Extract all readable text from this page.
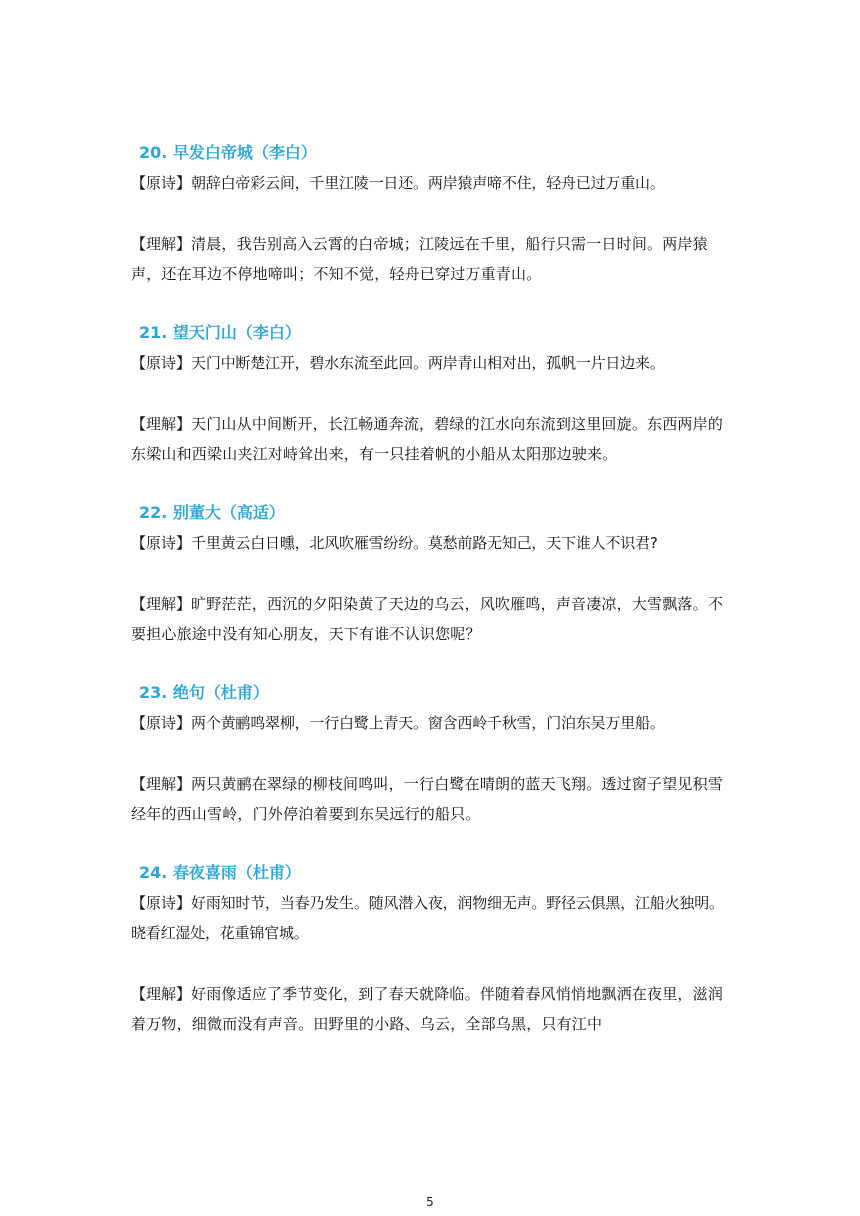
20. 早发白帝城（李白）

【原诗】朝辞白帝彩云间，千里江陵一日还。两岸猿声啼不住，轻舟已过万重山。

【理解】清晨，我告别高入云霄的白帝城；江陵远在千里，船行只需一日时间。两岸猿声，还在耳边不停地啼叫；不知不觉，轻舟已穿过万重青山。

21. 望天门山（李白）

【原诗】天门中断楚江开，碧水东流至此回。两岸青山相对出，孤帆一片日边来。

【理解】天门山从中间断开，长江畅通奔流，碧绿的江水向东流到这里回旋。东西两岸的东梁山和西梁山夹江对峙耸出来，有一只挂着帆的小船从太阳那边驶来。

22. 别董大（高适）

【原诗】千里黄云白日曛，北风吹雁雪纷纷。莫愁前路无知己，天下谁人不识君?

【理解】旷野茫茫，西沉的夕阳染黄了天边的乌云，风吹雁鸣，声音凄凉，大雪飘落。不要担心旅途中没有知心朋友，天下有谁不认识您呢？

23. 绝句（杜甫）

【原诗】两个黄鹂鸣翠柳，一行白鹭上青天。窗含西岭千秋雪，门泊东吴万里船。

【理解】两只黄鹂在翠绿的柳枝间鸣叫，一行白鹭在晴朗的蓝天飞翔。透过窗子望见积雪经年的西山雪岭，门外停泊着要到东吴远行的船只。

24. 春夜喜雨（杜甫）

【原诗】好雨知时节，当春乃发生。随风潜入夜，润物细无声。野径云俱黑，江船火独明。晓看红湿处，花重锦官城。

【理解】好雨像适应了季节变化，到了春天就降临。伴随着春风悄悄地飘洒在夜里，滋润着万物，细微而没有声音。田野里的小路、乌云，全部乌黑，只有江中

5
